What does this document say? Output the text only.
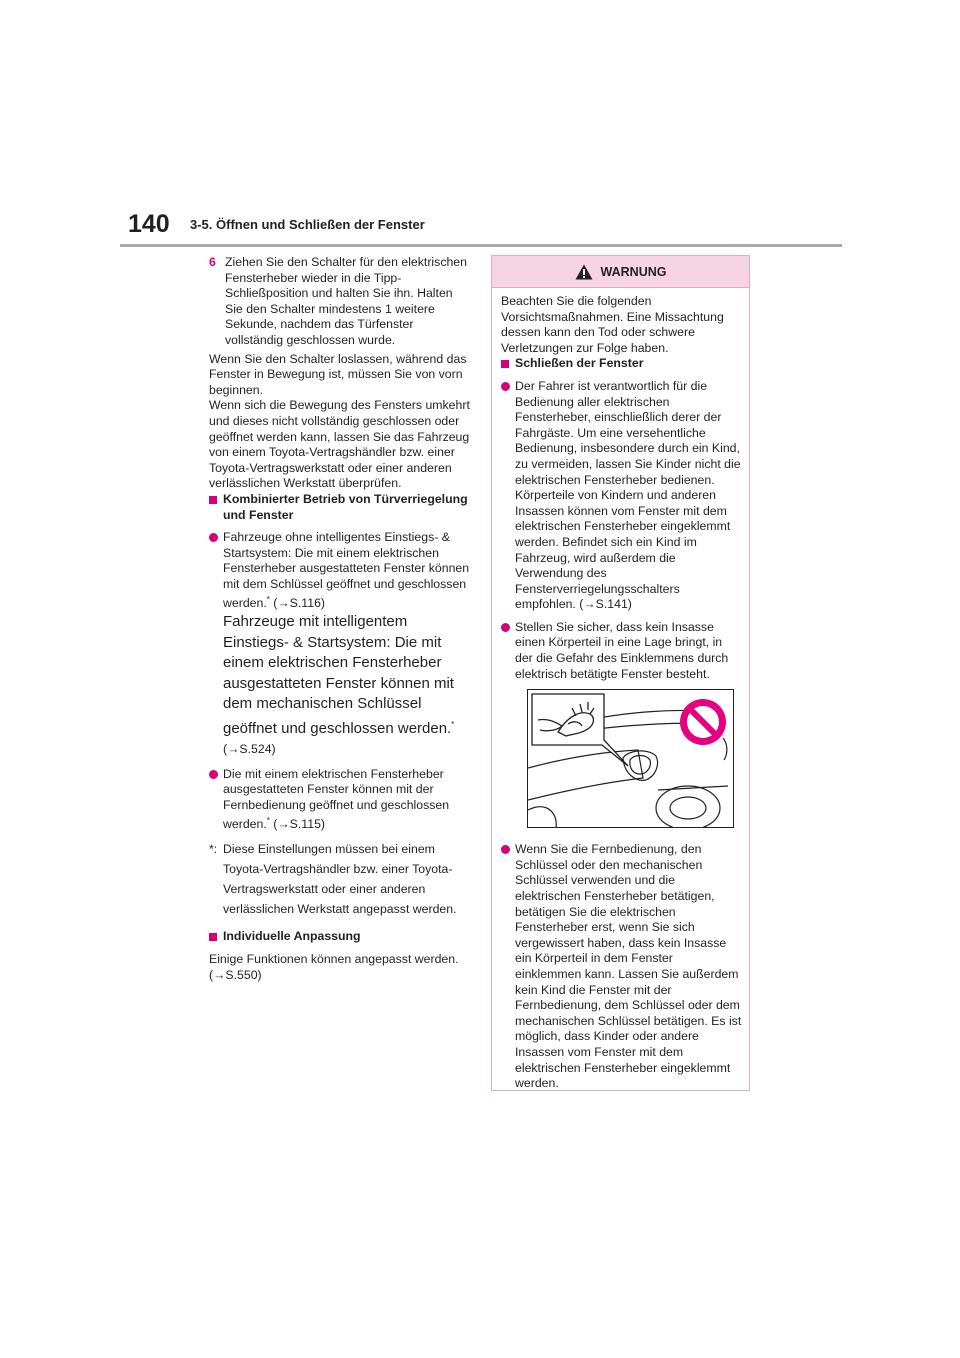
140 3-5. Öffnen und Schließen der Fenster
6 Ziehen Sie den Schalter für den elektrischen Fensterheber wieder in die Tipp-Schließposition und halten Sie ihn. Halten Sie den Schalter mindestens 1 weitere Sekunde, nachdem das Türfenster vollständig geschlossen wurde.

Wenn Sie den Schalter loslassen, während das Fenster in Bewegung ist, müssen Sie von vorn beginnen.

Wenn sich die Bewegung des Fensters umkehrt und dieses nicht vollständig geschlossen oder geöffnet werden kann, lassen Sie das Fahrzeug von einem Toyota-Vertragshändler bzw. einer Toyota-Vertragswerkstatt oder einer anderen verlässlichen Werkstatt überprüfen.

Kombinierter Betrieb von Türverriegelung und Fenster
Fahrzeuge ohne intelligentes Einstiegs- & Startsystem: Die mit einem elektrischen Fensterheber ausgestatteten Fenster können mit dem Schlüssel geöffnet und geschlossen werden.* (→S.116)
Fahrzeuge mit intelligentem Einstiegs- & Startsystem: Die mit einem elektrischen Fensterheber ausgestatteten Fenster können mit dem mechanischen Schlüssel geöffnet und geschlossen werden.* (→S.524)
Die mit einem elektrischen Fensterheber ausgestatteten Fenster können mit der Fernbedienung geöffnet und geschlossen werden.* (→S.115)
*: Diese Einstellungen müssen bei einem Toyota-Vertragshändler bzw. einer Toyota-Vertragswerkstatt oder einer anderen verlässlichen Werkstatt angepasst werden.
Individuelle Anpassung

Einige Funktionen können angepasst werden. (→S.550)

WARNUNG

Beachten Sie die folgenden Vorsichtsmaßnahmen. Eine Missachtung dessen kann den Tod oder schwere Verletzungen zur Folge haben.

Schließen der Fenster
Der Fahrer ist verantwortlich für die Bedienung aller elektrischen Fensterheber, einschließlich derer der Fahrgäste. Um eine versehentliche Bedienung, insbesondere durch ein Kind, zu vermeiden, lassen Sie Kinder nicht die elektrischen Fensterheber bedienen. Körperteile von Kindern und anderen Insassen können vom Fenster mit dem elektrischen Fensterheber eingeklemmt werden. Befindet sich ein Kind im Fahrzeug, wird außerdem die Verwendung des Fensterverriegelungsschalters empfohlen. (→S.141)
Stellen Sie sicher, dass kein Insasse einen Körperteil in eine Lage bringt, in der die Gefahr des Einklemmens durch elektrisch betätigte Fenster besteht.
Wenn Sie die Fernbedienung, den Schlüssel oder den mechanischen Schlüssel verwenden und die elektrischen Fensterheber betätigen, betätigen Sie die elektrischen Fensterheber erst, wenn Sie sich vergewissert haben, dass kein Insasse ein Körperteil in dem Fenster einklemmen kann. Lassen Sie außerdem kein Kind die Fenster mit der Fernbedienung, dem Schlüssel oder dem mechanischen Schlüssel betätigen. Es ist möglich, dass Kinder oder andere Insassen vom Fenster mit dem elektrischen Fensterheber eingeklemmt werden.
